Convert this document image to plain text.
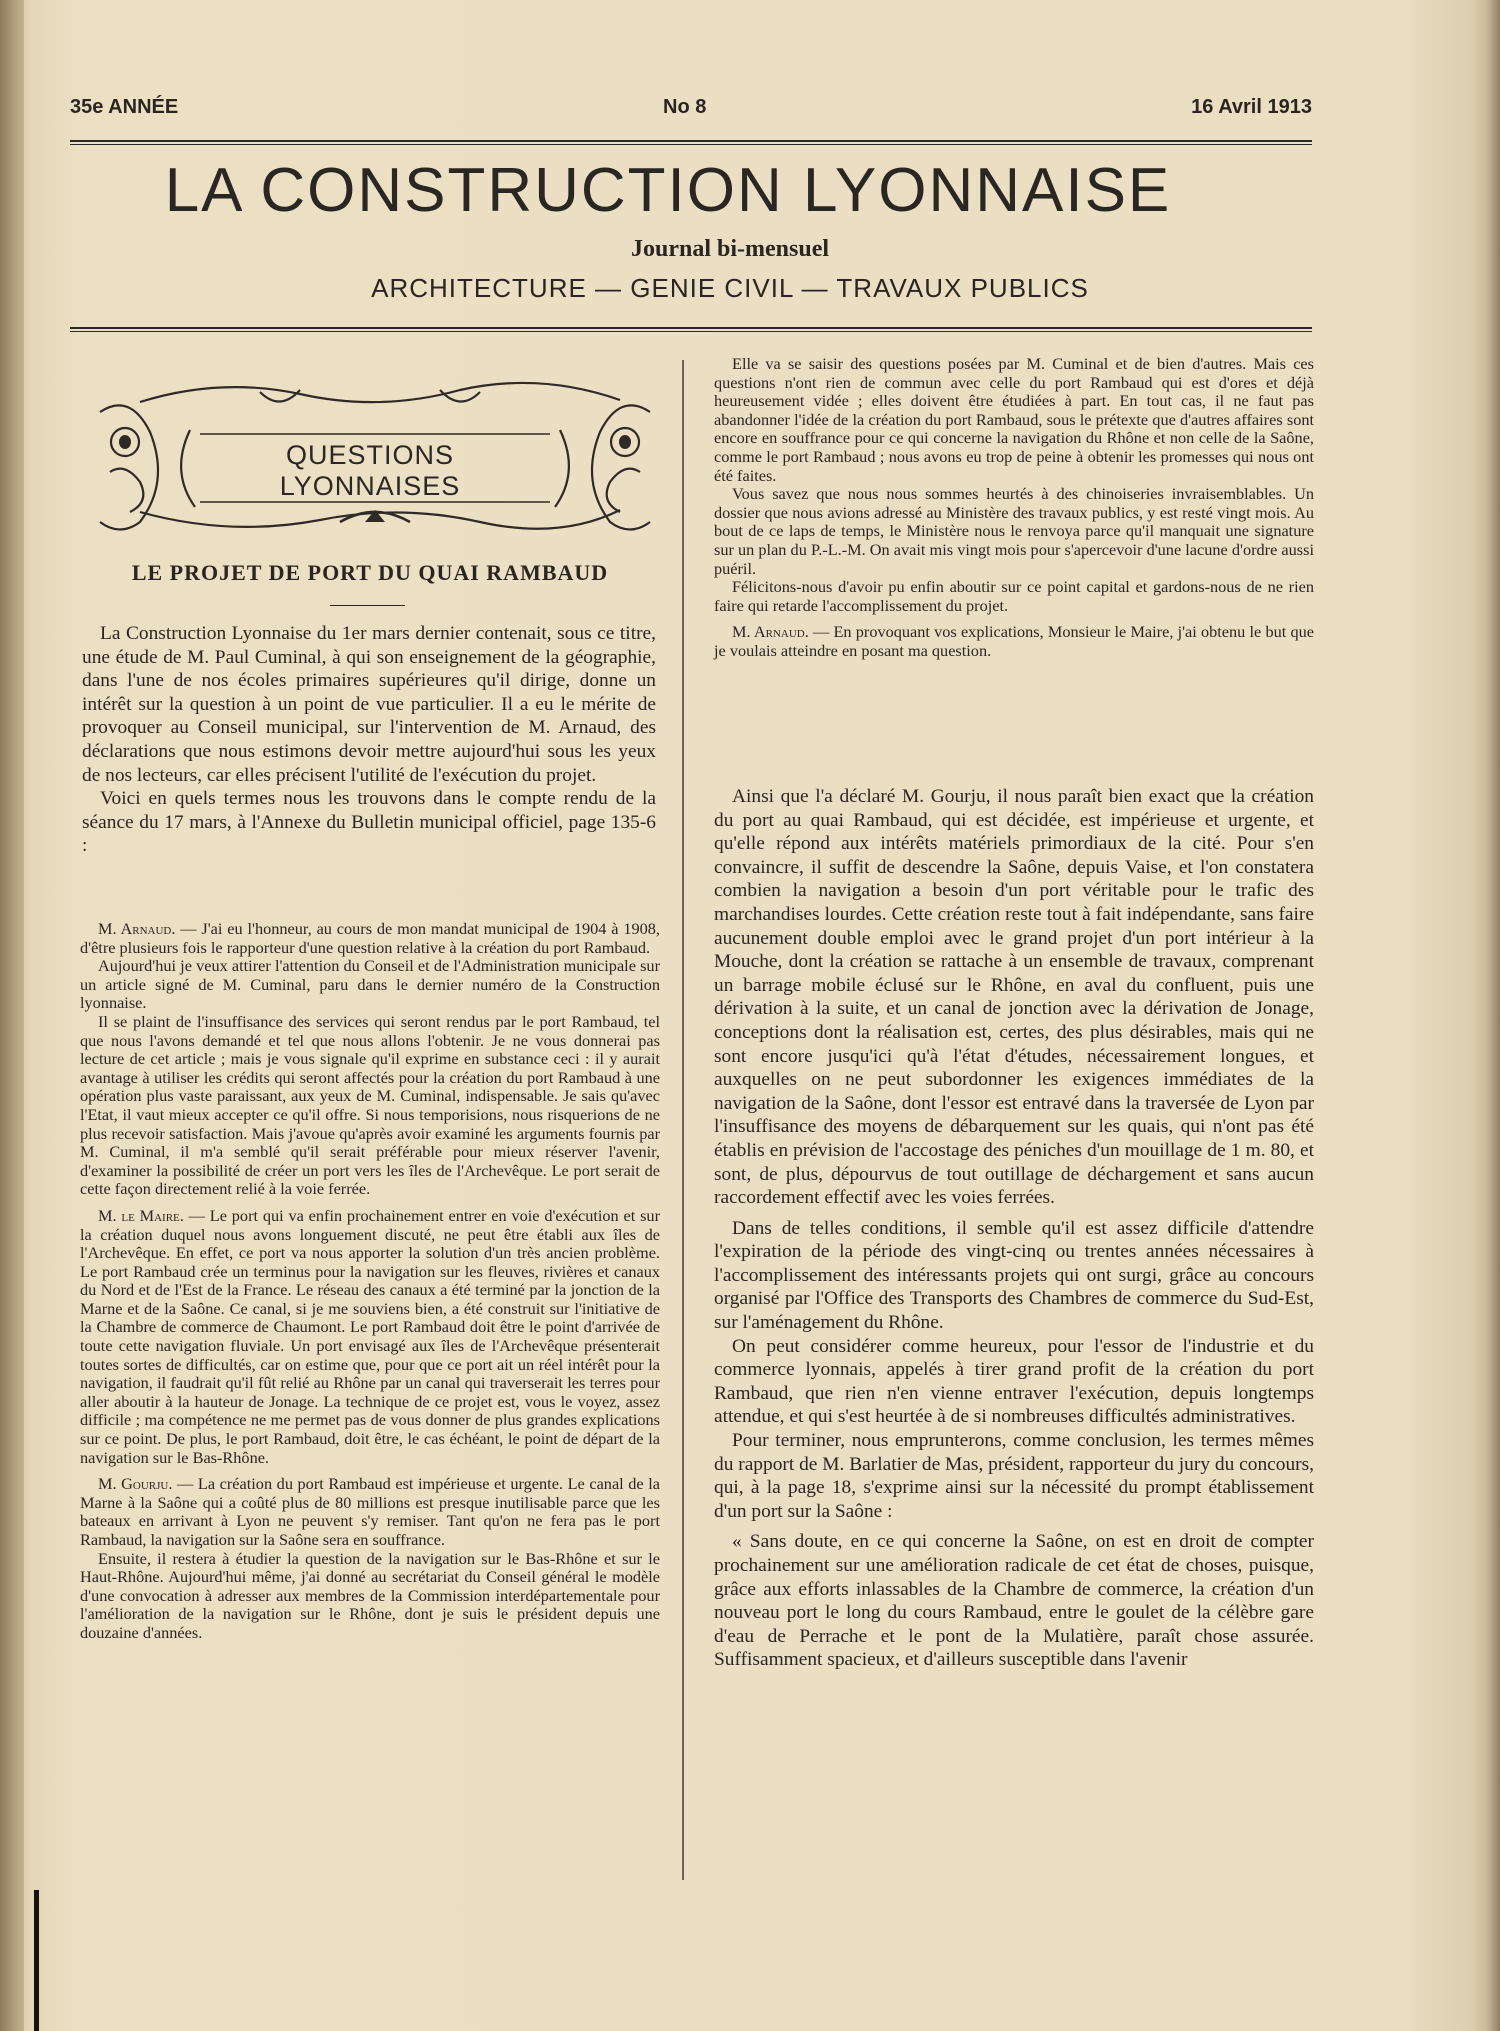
35e ANNÉE	No 8	16 Avril 1913
LA CONSTRUCTION LYONNAISE
Journal bi-mensuel
ARCHITECTURE — GENIE CIVIL — TRAVAUX PUBLICS
QUESTIONS LYONNAISES
LE PROJET DE PORT DU QUAI RAMBAUD

La Construction Lyonnaise du 1er mars dernier contenait, sous ce titre, une étude de M. Paul Cuminal, à qui son enseignement de la géographie, dans l'une de nos écoles primaires supérieures qu'il dirige, donne un intérêt sur la question à un point de vue particulier. Il a eu le mérite de provoquer au Conseil municipal, sur l'intervention de M. Arnaud, des déclarations que nous estimons devoir mettre aujourd'hui sous les yeux de nos lecteurs, car elles précisent l'utilité de l'exécution du projet.

Voici en quels termes nous les trouvons dans le compte rendu de la séance du 17 mars, à l'Annexe du Bulletin municipal officiel, page 135-6 :

M. Arnaud. — J'ai eu l'honneur, au cours de mon mandat municipal de 1904 à 1908, d'être plusieurs fois le rapporteur d'une question relative à la création du port Rambaud.

Aujourd'hui je veux attirer l'attention du Conseil et de l'Administration municipale sur un article signé de M. Cuminal, paru dans le dernier numéro de la Construction lyonnaise.

Il se plaint de l'insuffisance des services qui seront rendus par le port Rambaud, tel que nous l'avons demandé et tel que nous allons l'obtenir. Je ne vous donnerai pas lecture de cet article ; mais je vous signale qu'il exprime en substance ceci : il y aurait avantage à utiliser les crédits qui seront affectés pour la création du port Rambaud à une opération plus vaste paraissant, aux yeux de M. Cuminal, indispensable. Je sais qu'avec l'Etat, il vaut mieux accepter ce qu'il offre. Si nous temporisions, nous risquerions de ne plus recevoir satisfaction. Mais j'avoue qu'après avoir examiné les arguments fournis par M. Cuminal, il m'a semblé qu'il serait préférable pour mieux réserver l'avenir, d'examiner la possibilité de créer un port vers les îles de l'Archevêque. Le port serait de cette façon directement relié à la voie ferrée.

M. le Maire. — Le port qui va enfin prochainement entrer en voie d'exécution et sur la création duquel nous avons longuement discuté, ne peut être établi aux îles de l'Archevêque. En effet, ce port va nous apporter la solution d'un très ancien problème. Le port Rambaud crée un terminus pour la navigation sur les fleuves, rivières et canaux du Nord et de l'Est de la France. Le réseau des canaux a été terminé par la jonction de la Marne et de la Saône. Ce canal, si je me souviens bien, a été construit sur l'initiative de la Chambre de commerce de Chaumont. Le port Rambaud doit être le point d'arrivée de toute cette navigation fluviale. Un port envisagé aux îles de l'Archevêque présenterait toutes sortes de difficultés, car on estime que, pour que ce port ait un réel intérêt pour la navigation, il faudrait qu'il fût relié au Rhône par un canal qui traverserait les terres pour aller aboutir à la hauteur de Jonage. La technique de ce projet est, vous le voyez, assez difficile ; ma compétence ne me permet pas de vous donner de plus grandes explications sur ce point. De plus, le port Rambaud, doit être, le cas échéant, le point de départ de la navigation sur le Bas-Rhône.

M. Gourju. — La création du port Rambaud est impérieuse et urgente. Le canal de la Marne à la Saône qui a coûté plus de 80 millions est presque inutilisable parce que les bateaux en arrivant à Lyon ne peuvent s'y remiser. Tant qu'on ne fera pas le port Rambaud, la navigation sur la Saône sera en souffrance.

Ensuite, il restera à étudier la question de la navigation sur le Bas-Rhône et sur le Haut-Rhône. Aujourd'hui même, j'ai donné au secrétariat du Conseil général le modèle d'une convocation à adresser aux membres de la Commission interdépartementale pour l'amélioration de la navigation sur le Rhône, dont je suis le président depuis une douzaine d'années.

Elle va se saisir des questions posées par M. Cuminal et de bien d'autres. Mais ces questions n'ont rien de commun avec celle du port Rambaud qui est d'ores et déjà heureusement vidée ; elles doivent être étudiées à part. En tout cas, il ne faut pas abandonner l'idée de la création du port Rambaud, sous le prétexte que d'autres affaires sont encore en souffrance pour ce qui concerne la navigation du Rhône et non celle de la Saône, comme le port Rambaud ; nous avons eu trop de peine à obtenir les promesses qui nous ont été faites.

Vous savez que nous nous sommes heurtés à des chinoiseries invraisemblables. Un dossier que nous avions adressé au Ministère des travaux publics, y est resté vingt mois. Au bout de ce laps de temps, le Ministère nous le renvoya parce qu'il manquait une signature sur un plan du P.-L.-M. On avait mis vingt mois pour s'apercevoir d'une lacune d'ordre aussi puéril.

Félicitons-nous d'avoir pu enfin aboutir sur ce point capital et gardons-nous de ne rien faire qui retarde l'accomplissement du projet.

M. Arnaud. — En provoquant vos explications, Monsieur le Maire, j'ai obtenu le but que je voulais atteindre en posant ma question.

Ainsi que l'a déclaré M. Gourju, il nous paraît bien exact que la création du port au quai Rambaud, qui est décidée, est impérieuse et urgente, et qu'elle répond aux intérêts matériels primordiaux de la cité. Pour s'en convaincre, il suffit de descendre la Saône, depuis Vaise, et l'on constatera combien la navigation a besoin d'un port véritable pour le trafic des marchandises lourdes. Cette création reste tout à fait indépendante, sans faire aucunement double emploi avec le grand projet d'un port intérieur à la Mouche, dont la création se rattache à un ensemble de travaux, comprenant un barrage mobile éclusé sur le Rhône, en aval du confluent, puis une dérivation à la suite, et un canal de jonction avec la dérivation de Jonage, conceptions dont la réalisation est, certes, des plus désirables, mais qui ne sont encore jusqu'ici qu'à l'état d'études, nécessairement longues, et auxquelles on ne peut subordonner les exigences immédiates de la navigation de la Saône, dont l'essor est entravé dans la traversée de Lyon par l'insuffisance des moyens de débarquement sur les quais, qui n'ont pas été établis en prévision de l'accostage des péniches d'un mouillage de 1 m. 80, et sont, de plus, dépourvus de tout outillage de déchargement et sans aucun raccordement effectif avec les voies ferrées.

Dans de telles conditions, il semble qu'il est assez difficile d'attendre l'expiration de la période des vingt-cinq ou trentes années nécessaires à l'accomplissement des intéressants projets qui ont surgi, grâce au concours organisé par l'Office des Transports des Chambres de commerce du Sud-Est, sur l'aménagement du Rhône.

On peut considérer comme heureux, pour l'essor de l'industrie et du commerce lyonnais, appelés à tirer grand profit de la création du port Rambaud, que rien n'en vienne entraver l'exécution, depuis longtemps attendue, et qui s'est heurtée à de si nombreuses difficultés administratives.

Pour terminer, nous emprunterons, comme conclusion, les termes mêmes du rapport de M. Barlatier de Mas, président, rapporteur du jury du concours, qui, à la page 18, s'exprime ainsi sur la nécessité du prompt établissement d'un port sur la Saône :

« Sans doute, en ce qui concerne la Saône, on est en droit de compter prochainement sur une amélioration radicale de cet état de choses, puisque, grâce aux efforts inlassables de la Chambre de commerce, la création d'un nouveau port le long du cours Rambaud, entre le goulet de la célèbre gare d'eau de Perrache et le pont de la Mulatière, paraît chose assurée. Suffisamment spacieux, et d'ailleurs susceptible dans l'avenir
